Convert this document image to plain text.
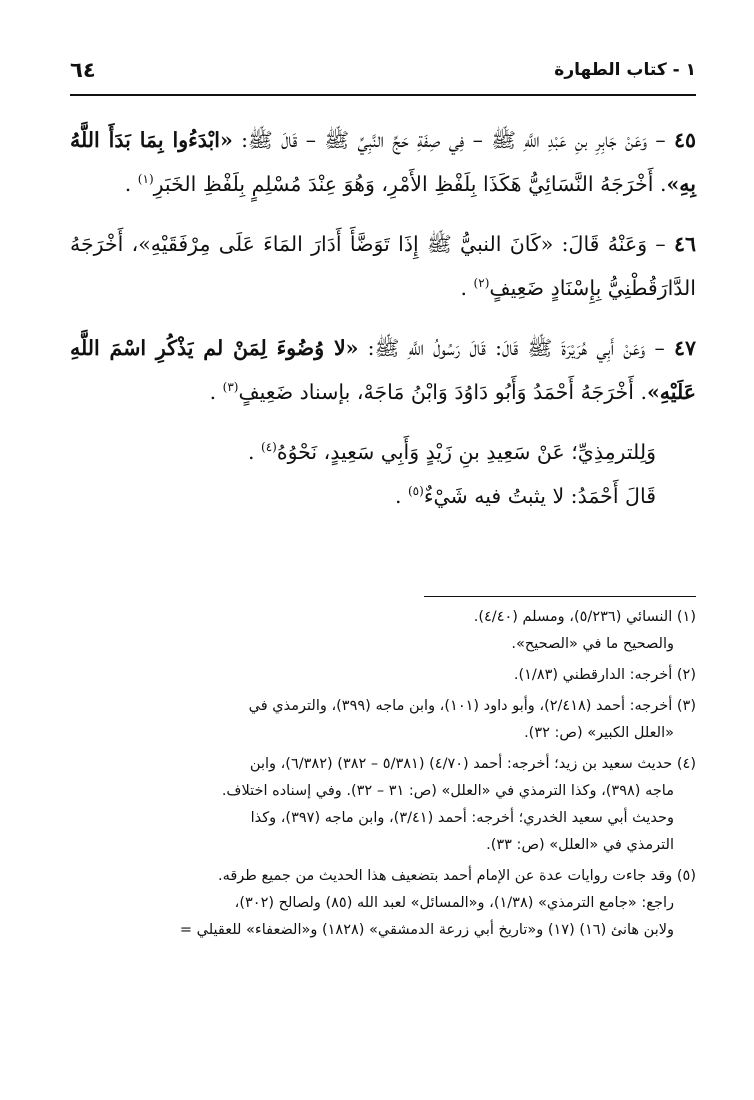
١ - كتاب الطهارة
٦٤

٤٥ – وَعَنْ جَابِرِ بنِ عَبْدِ اللَّهِ ﷺ – فِي صِفَةِ حَجِّ النَّبِيِّ ﷺ – قَالَ ﷺ: «ابْدَءُوا بِمَا بَدَأَ اللَّهُ بِهِ». أَخْرَجَهُ النَّسَائِيُّ هَكَذَا بِلَفْظِ الأَمْرِ، وَهُوَ عِنْدَ مُسْلِمٍ بِلَفْظِ الخَبَرِ$^{(١)}$ .

٤٦ – وَعَنْهُ قَالَ: «كَانَ النبيُّ ﷺ إِذَا تَوَضَّأَ أَدَارَ المَاءَ عَلَى مِرْفَقَيْهِ»، أَخْرَجَهُ الدَّارَقُطْنِيُّ بِإِسْنَادٍ ضَعِيفٍ$^{(٢)}$ .

٤٧ – وَعَنْ أَبِي هُرَيْرَةَ ﷺ قَالَ: قَالَ رَسُولُ اللَّهِ ﷺ: «لا وُضُوءَ لِمَنْ لم يَذْكُرِ اسْمَ اللَّهِ عَلَيْهِ». أَخْرَجَهُ أَحْمَدُ وَأَبُو دَاوُدَ وَابْنُ مَاجَهْ، بإسناد ضَعِيفٍ$^{(٣)}$ .

وَلِلترمِذِيِّ؛ عَنْ سَعِيدِ بنِ زَيْدٍ وَأَبِي سَعِيدٍ، نَحْوُهُ$^{(٤)}$ .

قَالَ أَحْمَدُ: لا يثبتُ فيه شَيْءٌ$^{(٥)}$ .

(١) النسائي (٥/٢٣٦)، ومسلم (٤/٤٠).
والصحيح ما في «الصحيح».
(٢) أخرجه: الدارقطني (١/٨٣).
(٣) أخرجه: أحمد (٢/٤١٨)، وأبو داود (١٠١)، وابن ماجه (٣٩٩)، والترمذي في
«العلل الكبير» (ص: ٣٢).
(٤) حديث سعيد بن زيد؛ أخرجه: أحمد (٤/٧٠) (٥/٣٨١ – ٣٨٢) (٦/٣٨٢)، وابن
ماجه (٣٩٨)، وكذا الترمذي في «العلل» (ص: ٣١ – ٣٢). وفي إسناده اختلاف.
وحديث أبي سعيد الخدري؛ أخرجه: أحمد (٣/٤١)، وابن ماجه (٣٩٧)، وكذا
الترمذي في «العلل» (ص: ٣٣).
(٥) وقد جاءت روايات عدة عن الإمام أحمد بتضعيف هذا الحديث من جميع طرقه.
راجع: «جامع الترمذي» (١/٣٨)، و«المسائل» لعبد الله (٨٥) ولصالح (٣٠٢)،
ولابن هانئ (١٦) (١٧) و«تاريخ أبي زرعة الدمشقي» (١٨٢٨) و«الضعفاء» للعقيلي =
